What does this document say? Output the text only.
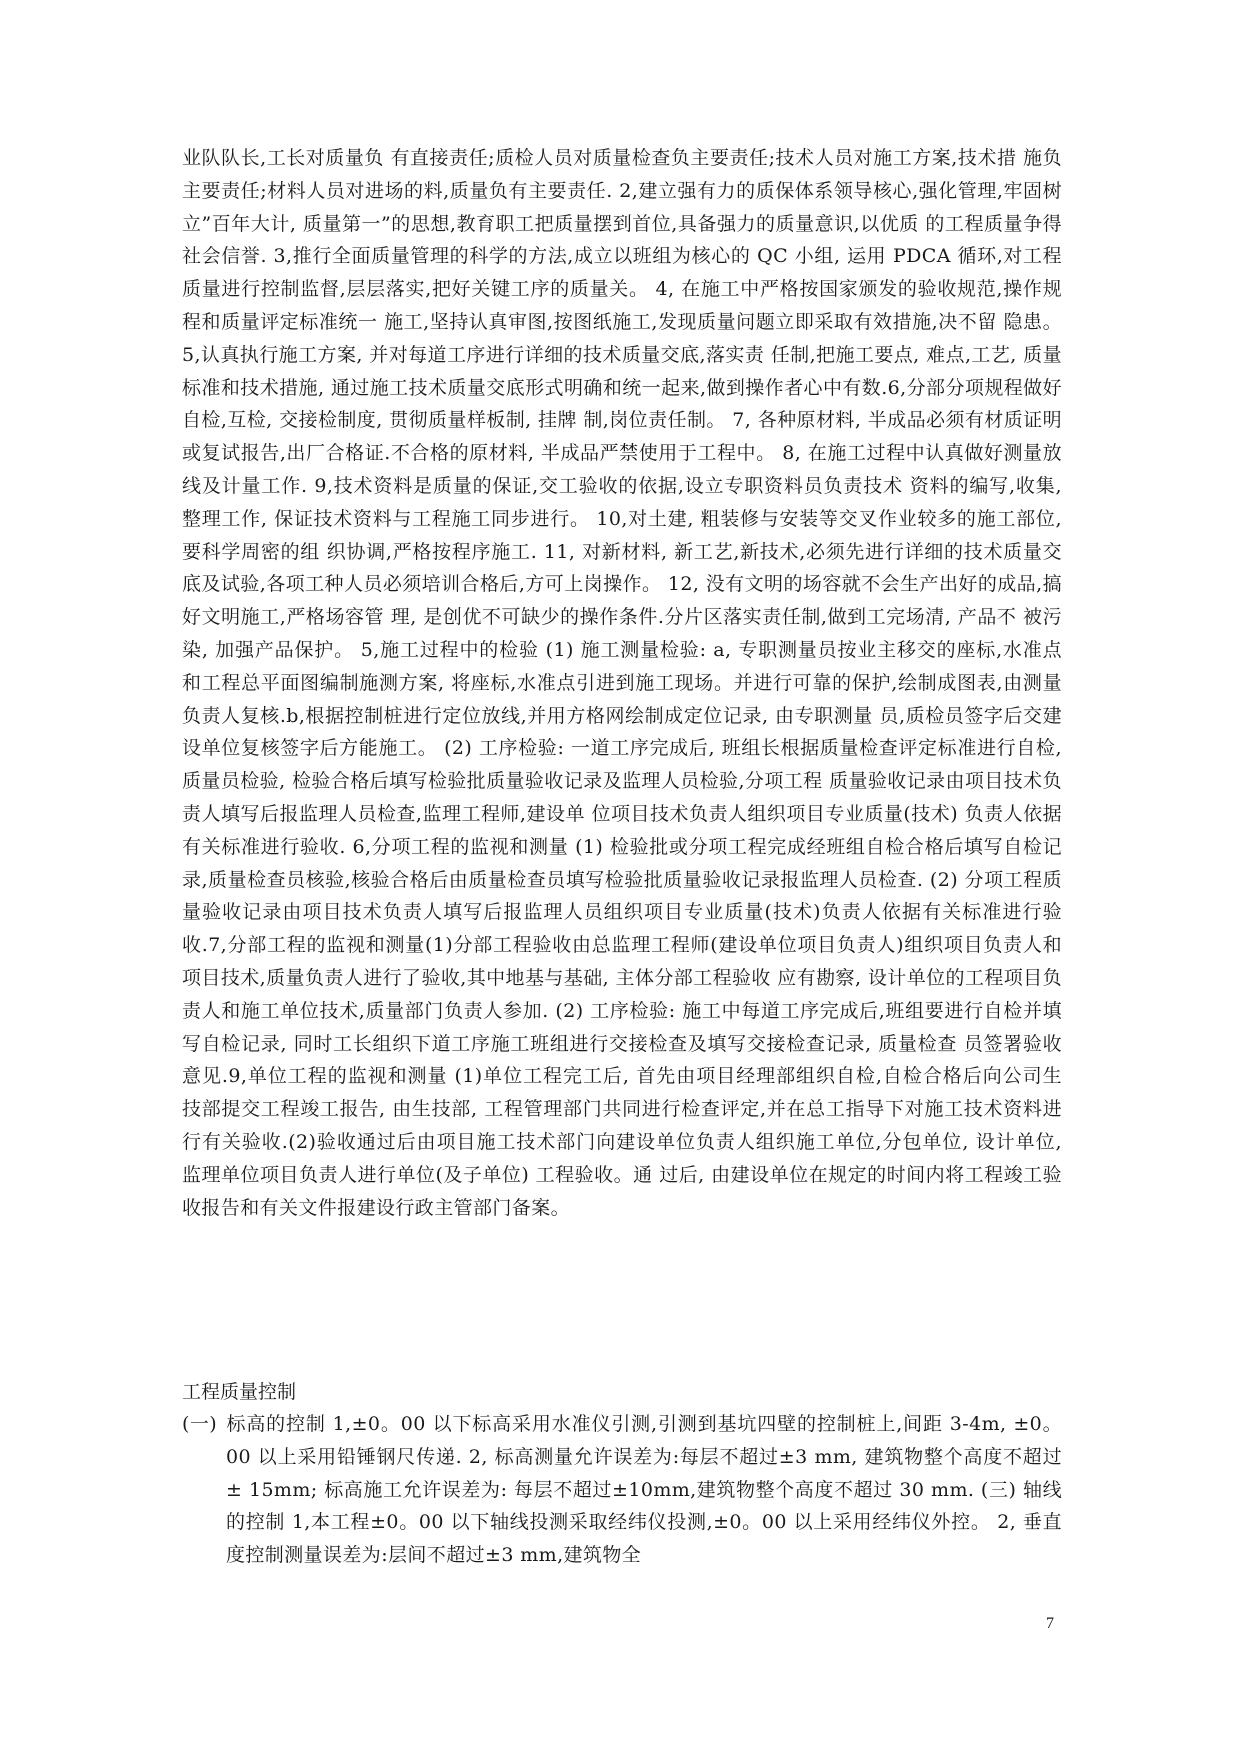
业队队长,工长对质量负 有直接责任;质检人员对质量检查负主要责任;技术人员对施工方案,技术措 施负主要责任;材料人员对进场的料,质量负有主要责任. 2,建立强有力的质保体系领导核心,强化管理,牢固树立”百年大计, 质量第一”的思想,教育职工把质量摆到首位,具备强力的质量意识,以优质 的工程质量争得社会信誉. 3,推行全面质量管理的科学的方法,成立以班组为核心的 QC 小组, 运用 PDCA 循环,对工程质量进行控制监督,层层落实,把好关键工序的质量关。 4, 在施工中严格按国家颁发的验收规范,操作规程和质量评定标准统一 施工,坚持认真审图,按图纸施工,发现质量问题立即采取有效措施,决不留 隐患。 5,认真执行施工方案, 并对每道工序进行详细的技术质量交底,落实责 任制,把施工要点, 难点,工艺, 质量标准和技术措施, 通过施工技术质量交底形式明确和统一起来,做到操作者心中有数.6,分部分项规程做好自检,互检, 交接检制度, 贯彻质量样板制, 挂牌 制,岗位责任制。 7, 各种原材料, 半成品必须有材质证明或复试报告,出厂合格证.不合格的原材料, 半成品严禁使用于工程中。 8, 在施工过程中认真做好测量放线及计量工作. 9,技术资料是质量的保证,交工验收的依据,设立专职资料员负责技术 资料的编写,收集, 整理工作, 保证技术资料与工程施工同步进行。 10,对土建, 粗装修与安装等交叉作业较多的施工部位,要科学周密的组 织协调,严格按程序施工. 11, 对新材料, 新工艺,新技术,必须先进行详细的技术质量交底及试验,各项工种人员必须培训合格后,方可上岗操作。 12, 没有文明的场容就不会生产出好的成品,搞好文明施工,严格场容管 理, 是创优不可缺少的操作条件.分片区落实责任制,做到工完场清, 产品不 被污染, 加强产品保护。 5,施工过程中的检验 (1) 施工测量检验: a, 专职测量员按业主移交的座标,水准点和工程总平面图编制施测方案, 将座标,水准点引进到施工现场。并进行可靠的保护,绘制成图表,由测量负责人复核.b,根据控制桩进行定位放线,并用方格网绘制成定位记录, 由专职测量 员,质检员签字后交建设单位复核签字后方能施工。 (2) 工序检验: 一道工序完成后, 班组长根据质量检查评定标准进行自检, 质量员检验, 检验合格后填写检验批质量验收记录及监理人员检验,分项工程 质量验收记录由项目技术负责人填写后报监理人员检查,监理工程师,建设单 位项目技术负责人组织项目专业质量(技术) 负责人依据有关标准进行验收. 6,分项工程的监视和测量 (1) 检验批或分项工程完成经班组自检合格后填写自检记录,质量检查员核验,核验合格后由质量检查员填写检验批质量验收记录报监理人员检查. (2) 分项工程质量验收记录由项目技术负责人填写后报监理人员组织项目专业质量(技术)负责人依据有关标准进行验收.7,分部工程的监视和测量(1)分部工程验收由总监理工程师(建设单位项目负责人)组织项目负责人和项目技术,质量负责人进行了验收,其中地基与基础, 主体分部工程验收 应有勘察, 设计单位的工程项目负责人和施工单位技术,质量部门负责人参加. (2) 工序检验: 施工中每道工序完成后,班组要进行自检并填写自检记录, 同时工长组织下道工序施工班组进行交接检查及填写交接检查记录, 质量检查 员签署验收意见.9,单位工程的监视和测量 (1)单位工程完工后, 首先由项目经理部组织自检,自检合格后向公司生 技部提交工程竣工报告, 由生技部, 工程管理部门共同进行检查评定,并在总工指导下对施工技术资料进行有关验收.(2)验收通过后由项目施工技术部门向建设单位负责人组织施工单位,分包单位, 设计单位, 监理单位项目负责人进行单位(及子单位) 工程验收。通 过后, 由建设单位在规定的时间内将工程竣工验收报告和有关文件报建设行政主管部门备案。

工程质量控制

(一) 标高的控制 1,±0。00 以下标高采用水准仪引测,引测到基坑四壁的控制桩上,间距 3-4m, ±0。00 以上采用铅锤钢尺传递. 2, 标高测量允许误差为:每层不超过±3 mm, 建筑物整个高度不超过± 15mm; 标高施工允许误差为: 每层不超过±10mm,建筑物整个高度不超过 30 mm. (三) 轴线的控制 1,本工程±0。00 以下轴线投测采取经纬仪投测,±0。00 以上采用经纬仪外控。 2, 垂直度控制测量误差为:层间不超过±3 mm,建筑物全

7
